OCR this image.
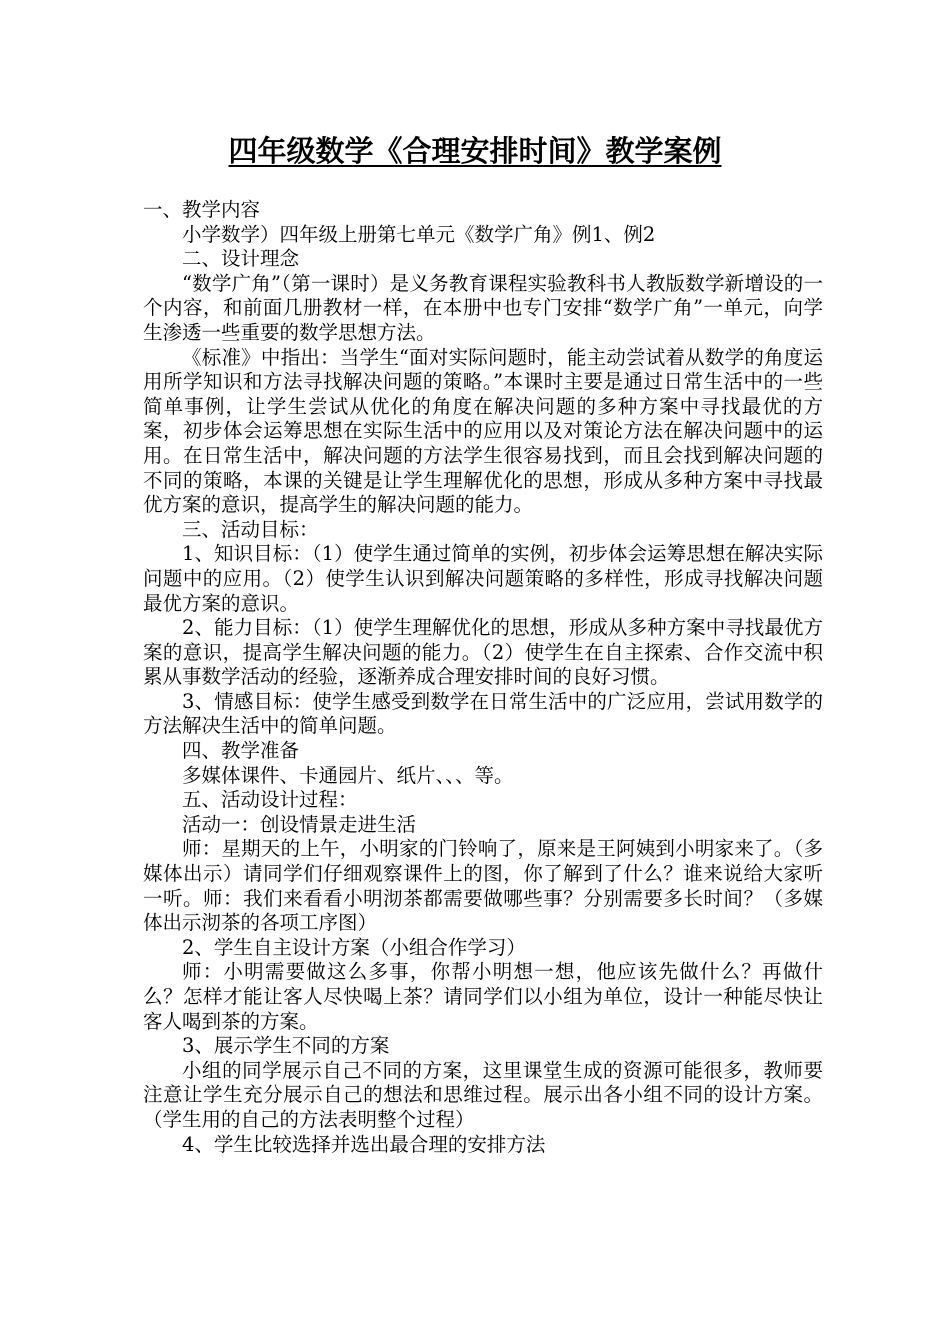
四年级数学《合理安排时间》教学案例

一、教学内容

小学数学）四年级上册第七单元《数学广角》例1、例2

二、设计理念

“数学广角”（第一课时）是义务教育课程实验教科书人教版数学新增设的一个内容，和前面几册教材一样，在本册中也专门安排“数学广角”一单元，向学生渗透一些重要的数学思想方法。

《标准》中指出：当学生“面对实际问题时，能主动尝试着从数学的角度运用所学知识和方法寻找解决问题的策略。”本课时主要是通过日常生活中的一些简单事例，让学生尝试从优化的角度在解决问题的多种方案中寻找最优的方案，初步体会运筹思想在实际生活中的应用以及对策论方法在解决问题中的运用。在日常生活中，解决问题的方法学生很容易找到，而且会找到解决问题的不同的策略，本课的关键是让学生理解优化的思想，形成从多种方案中寻找最优方案的意识，提高学生的解决问题的能力。

三、活动目标：

1、知识目标：（1）使学生通过简单的实例，初步体会运筹思想在解决实际问题中的应用。（2）使学生认识到解决问题策略的多样性，形成寻找解决问题最优方案的意识。

2、能力目标：（1）使学生理解优化的思想，形成从多种方案中寻找最优方案的意识，提高学生解决问题的能力。（2）使学生在自主探索、合作交流中积累从事数学活动的经验，逐渐养成合理安排时间的良好习惯。

3、情感目标：使学生感受到数学在日常生活中的广泛应用，尝试用数学的方法解决生活中的简单问题。

四、教学准备

多媒体课件、卡通园片、纸片、、、等。

五、活动设计过程：

活动一：创设情景走进生活

师：星期天的上午，小明家的门铃响了，原来是王阿姨到小明家来了。（多媒体出示）请同学们仔细观察课件上的图，你了解到了什么？谁来说给大家听一听。师：我们来看看小明沏茶都需要做哪些事？分别需要多长时间？（多媒体出示沏茶的各项工序图）

2、学生自主设计方案（小组合作学习）

师：小明需要做这么多事，你帮小明想一想，他应该先做什么？再做什么？怎样才能让客人尽快喝上茶？请同学们以小组为单位，设计一种能尽快让客人喝到茶的方案。

3、展示学生不同的方案

小组的同学展示自己不同的方案，这里课堂生成的资源可能很多，教师要注意让学生充分展示自己的想法和思维过程。展示出各小组不同的设计方案。（学生用的自己的方法表明整个过程）

4、学生比较选择并选出最合理的安排方法
